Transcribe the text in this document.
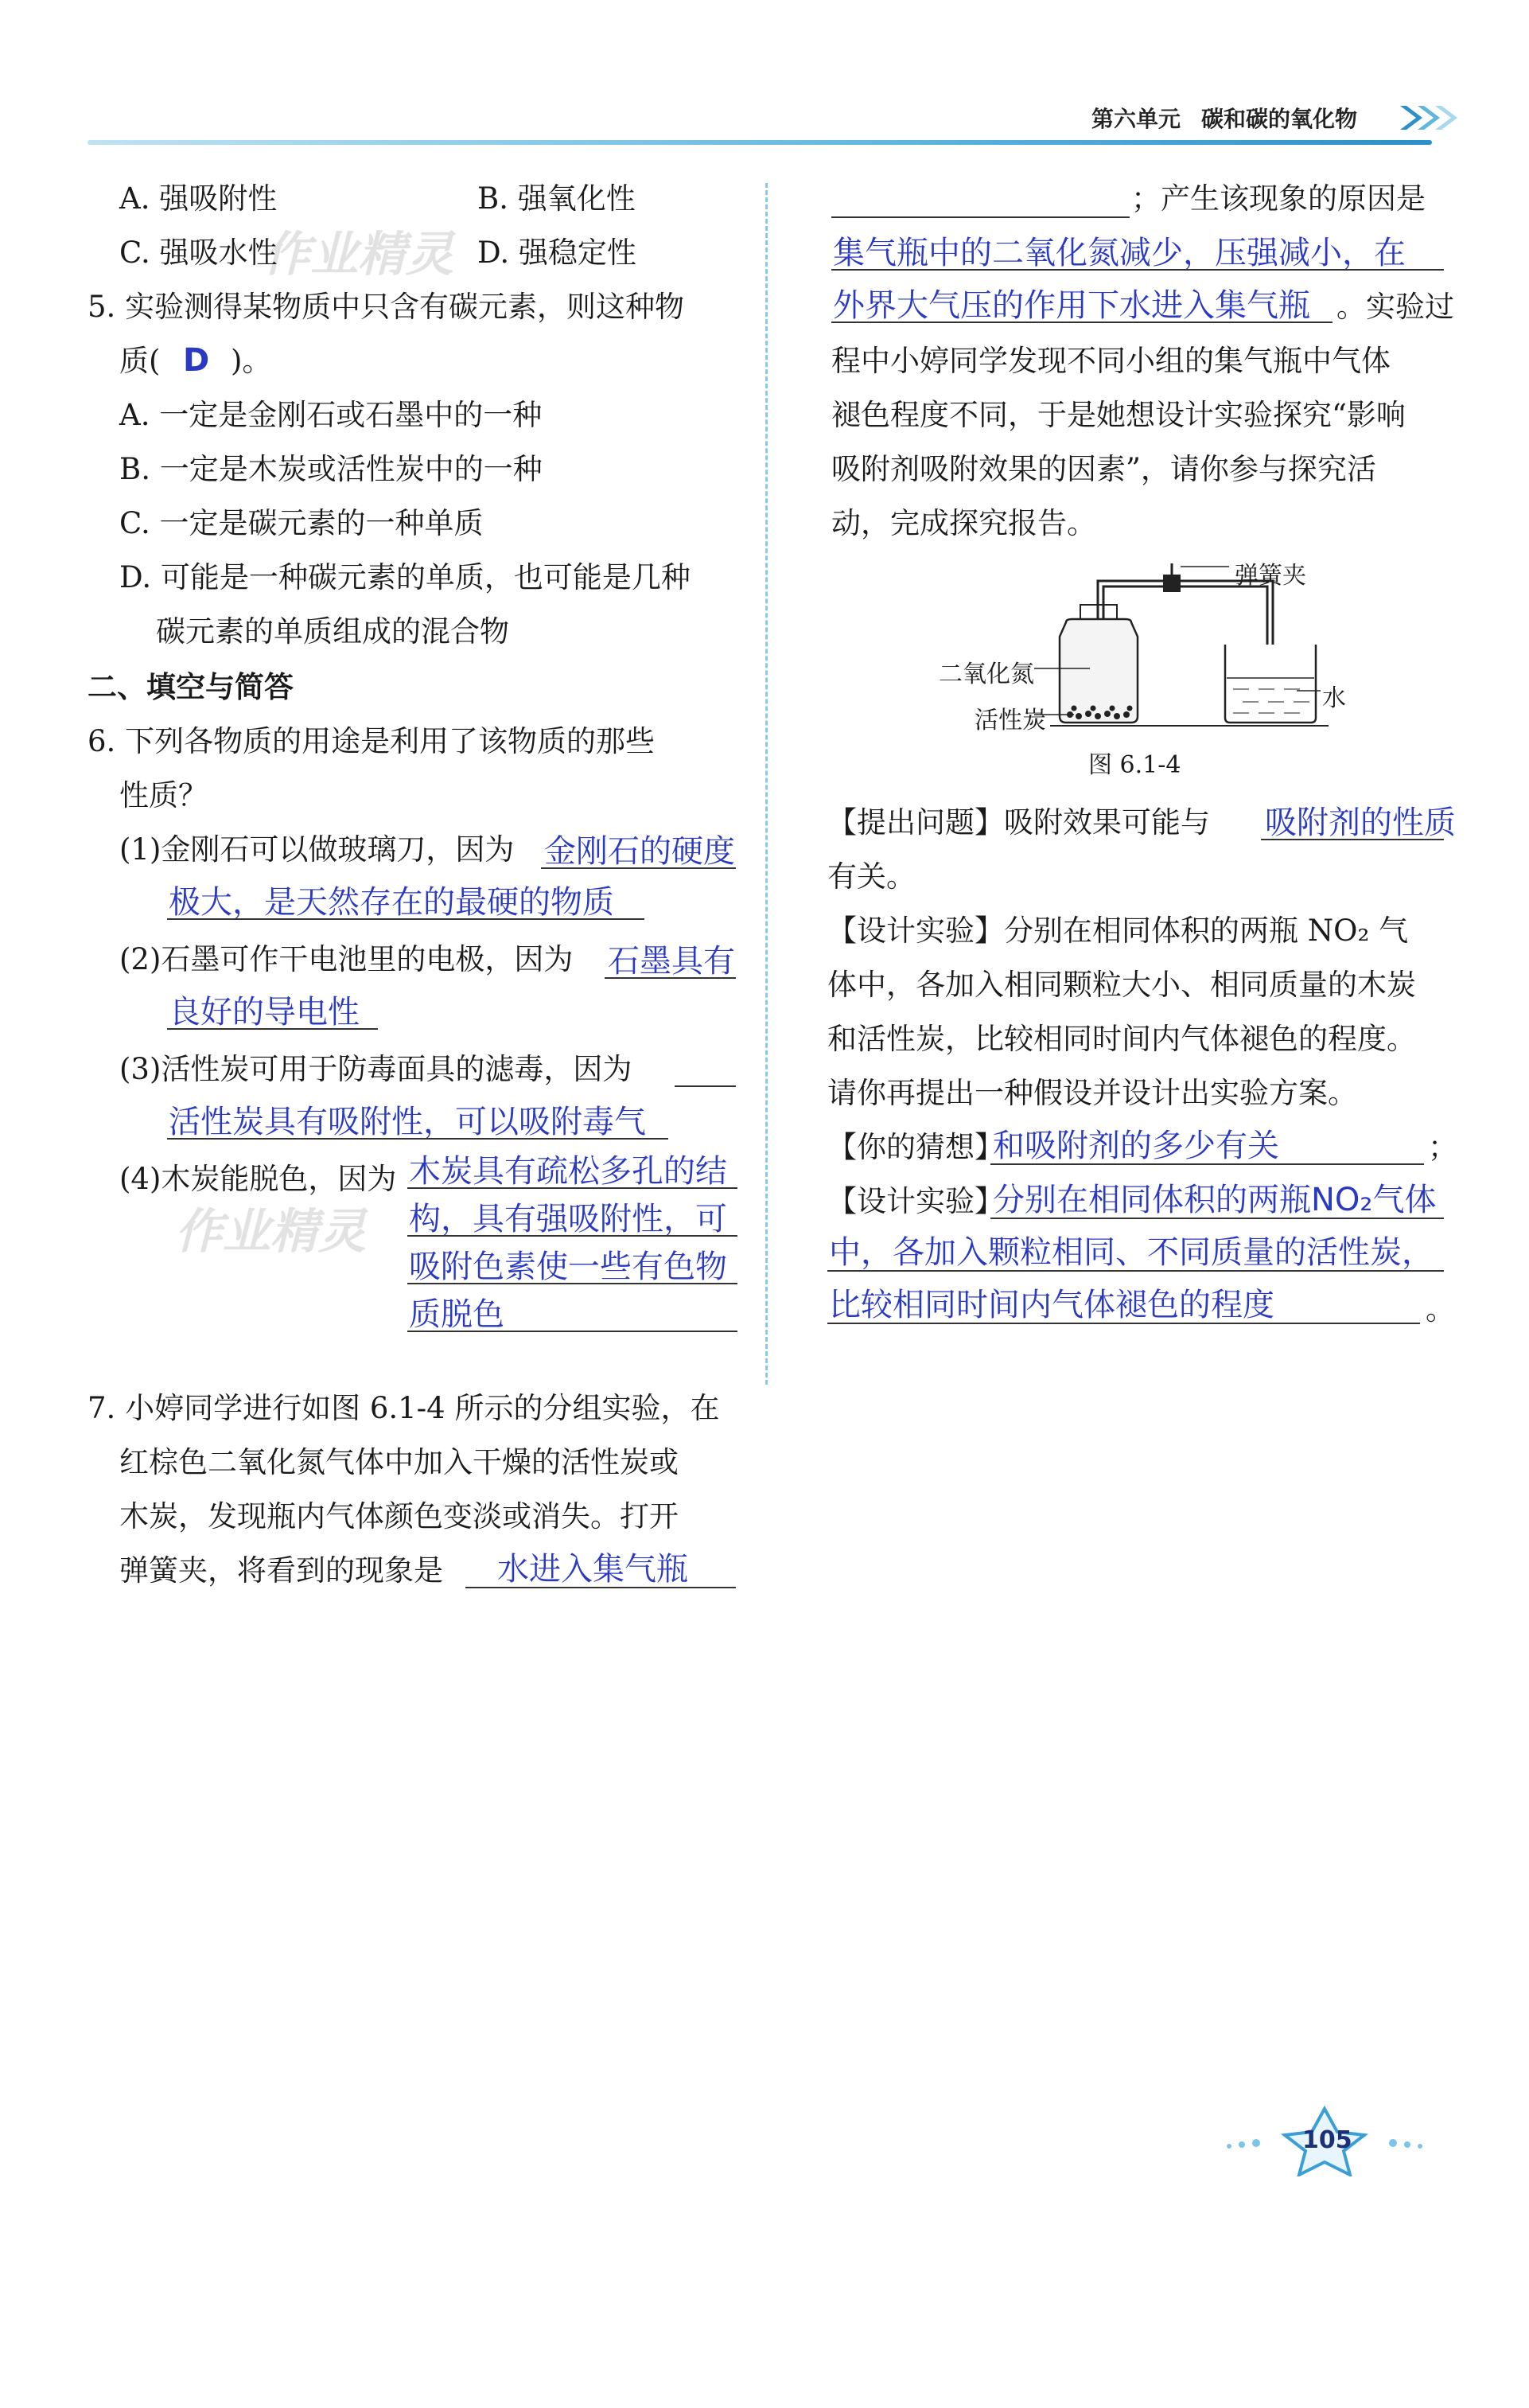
第六单元 碳和碳的氧化物
作业精灵
作业精灵
A. 强吸附性	B. 强氧化性
C. 强吸水性	D. 强稳定性
5. 实验测得某物质中只含有碳元素，则这种物
质( D )。
A. 一定是金刚石或石墨中的一种
B. 一定是木炭或活性炭中的一种
C. 一定是碳元素的一种单质
D. 可能是一种碳元素的单质，也可能是几种
碳元素的单质组成的混合物
二、填空与简答
6. 下列各物质的用途是利用了该物质的那些
性质？
(1)金刚石可以做玻璃刀，因为 金刚石的硬度
极大，是天然存在的最硬的物质
(2)石墨可作干电池里的电极，因为 石墨具有
良好的导电性
(3)活性炭可用于防毒面具的滤毒，因为
活性炭具有吸附性，可以吸附毒气
(4)木炭能脱色，因为 木炭具有疏松多孔的结
构，具有强吸附性，可
吸附色素使一些有色物
质脱色
7. 小婷同学进行如图 6.1-4 所示的分组实验，在
红棕色二氧化氮气体中加入干燥的活性炭或
木炭，发现瓶内气体颜色变淡或消失。打开
弹簧夹，将看到的现象是 水进入集气瓶
；产生该现象的原因是
集气瓶中的二氧化氮减少，压强减小，在
外界大气压的作用下水进入集气瓶 。实验过
程中小婷同学发现不同小组的集气瓶中气体
褪色程度不同，于是她想设计实验探究“影响
吸附剂吸附效果的因素”，请你参与探究活
动，完成探究报告。
弹簧夹
二氧化氮
活性炭
水
图 6.1-4
【提出问题】吸附效果可能与 吸附剂的性质
有关。
【设计实验】分别在相同体积的两瓶 NO₂ 气
体中，各加入相同颗粒大小、相同质量的木炭
和活性炭，比较相同时间内气体褪色的程度。
请你再提出一种假设并设计出实验方案。
【你的猜想】
和吸附剂的多少有关	；
【设计实验】
分别在相同体积的两瓶NO₂气体
中，各加入颗粒相同、不同质量的活性炭，
比较相同时间内气体褪色的程度	。
105
